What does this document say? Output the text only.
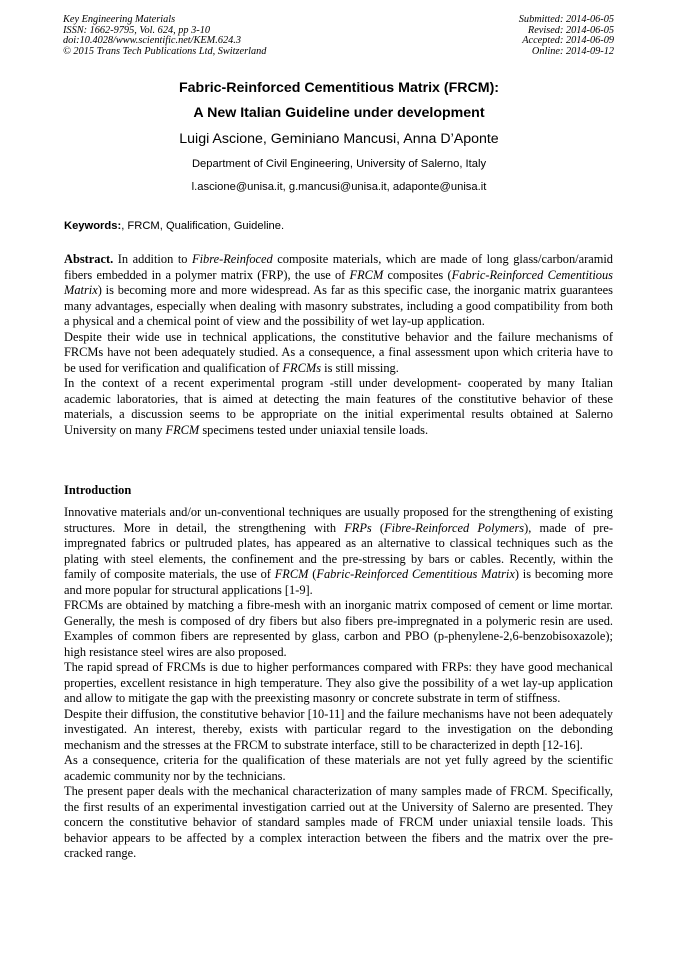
Key Engineering Materials
ISSN: 1662-9795, Vol. 624, pp 3-10
doi:10.4028/www.scientific.net/KEM.624.3
© 2015 Trans Tech Publications Ltd, Switzerland
Submitted: 2014-06-05
Revised: 2014-06-05
Accepted: 2014-06-09
Online: 2014-09-12
Fabric-Reinforced Cementitious Matrix (FRCM):
A New Italian Guideline under development
Luigi Ascione, Geminiano Mancusi, Anna D’Aponte
Department of Civil Engineering, University of Salerno, Italy
l.ascione@unisa.it, g.mancusi@unisa.it, adaponte@unisa.it
Keywords:, FRCM, Qualification, Guideline.

Abstract. In addition to Fibre-Reinfoced composite materials, which are made of long glass/carbon/aramid fibers embedded in a polymer matrix (FRP), the use of FRCM composites (Fabric-Reinforced Cementitious Matrix) is becoming more and more widespread. As far as this specific case, the inorganic matrix guarantees many advantages, especially when dealing with masonry substrates, including a good compatibility from both a physical and a chemical point of view and the possibility of wet lay-up application.

Despite their wide use in technical applications, the constitutive behavior and the failure mechanisms of FRCMs have not been adequately studied. As a consequence, a final assessment upon which criteria have to be used for verification and qualification of FRCMs is still missing.

In the context of a recent experimental program -still under development- cooperated by many Italian academic laboratories, that is aimed at detecting the main features of the constitutive behavior of these materials, a discussion seems to be appropriate on the initial experimental results obtained at Salerno University on many FRCM specimens tested under uniaxial tensile loads.

Introduction

Innovative materials and/or un-conventional techniques are usually proposed for the strengthening of existing structures. More in detail, the strengthening with FRPs (Fibre-Reinforced Polymers), made of pre-impregnated fabrics or pultruded plates, has appeared as an alternative to classical techniques such as the plating with steel elements, the confinement and the pre-stressing by bars or cables. Recently, within the family of composite materials, the use of FRCM (Fabric-Reinforced Cementitious Matrix) is becoming more and more popular for structural applications [1-9].

FRCMs are obtained by matching a fibre-mesh with an inorganic matrix composed of cement or lime mortar. Generally, the mesh is composed of dry fibers but also fibers pre-impregnated in a polymeric resin are used. Examples of common fibers are represented by glass, carbon and PBO (p-phenylene-2,6-benzobisoxazole); high resistance steel wires are also proposed.

The rapid spread of FRCMs is due to higher performances compared with FRPs: they have good mechanical properties, excellent resistance in high temperature. They also give the possibility of a wet lay-up application and allow to mitigate the gap with the preexisting masonry or concrete substrate in term of stiffness.

Despite their diffusion, the constitutive behavior [10-11] and the failure mechanisms have not been adequately investigated. An interest, thereby, exists with particular regard to the investigation on the debonding mechanism and the stresses at the FRCM to substrate interface, still to be characterized in depth [12-16].

As a consequence, criteria for the qualification of these materials are not yet fully agreed by the scientific academic community nor by the technicians.

The present paper deals with the mechanical characterization of many samples made of FRCM. Specifically, the first results of an experimental investigation carried out at the University of Salerno are presented. They concern the constitutive behavior of standard samples made of FRCM under uniaxial tensile loads. This behavior appears to be affected by a complex interaction between the fibers and the matrix over the pre-cracked range.
